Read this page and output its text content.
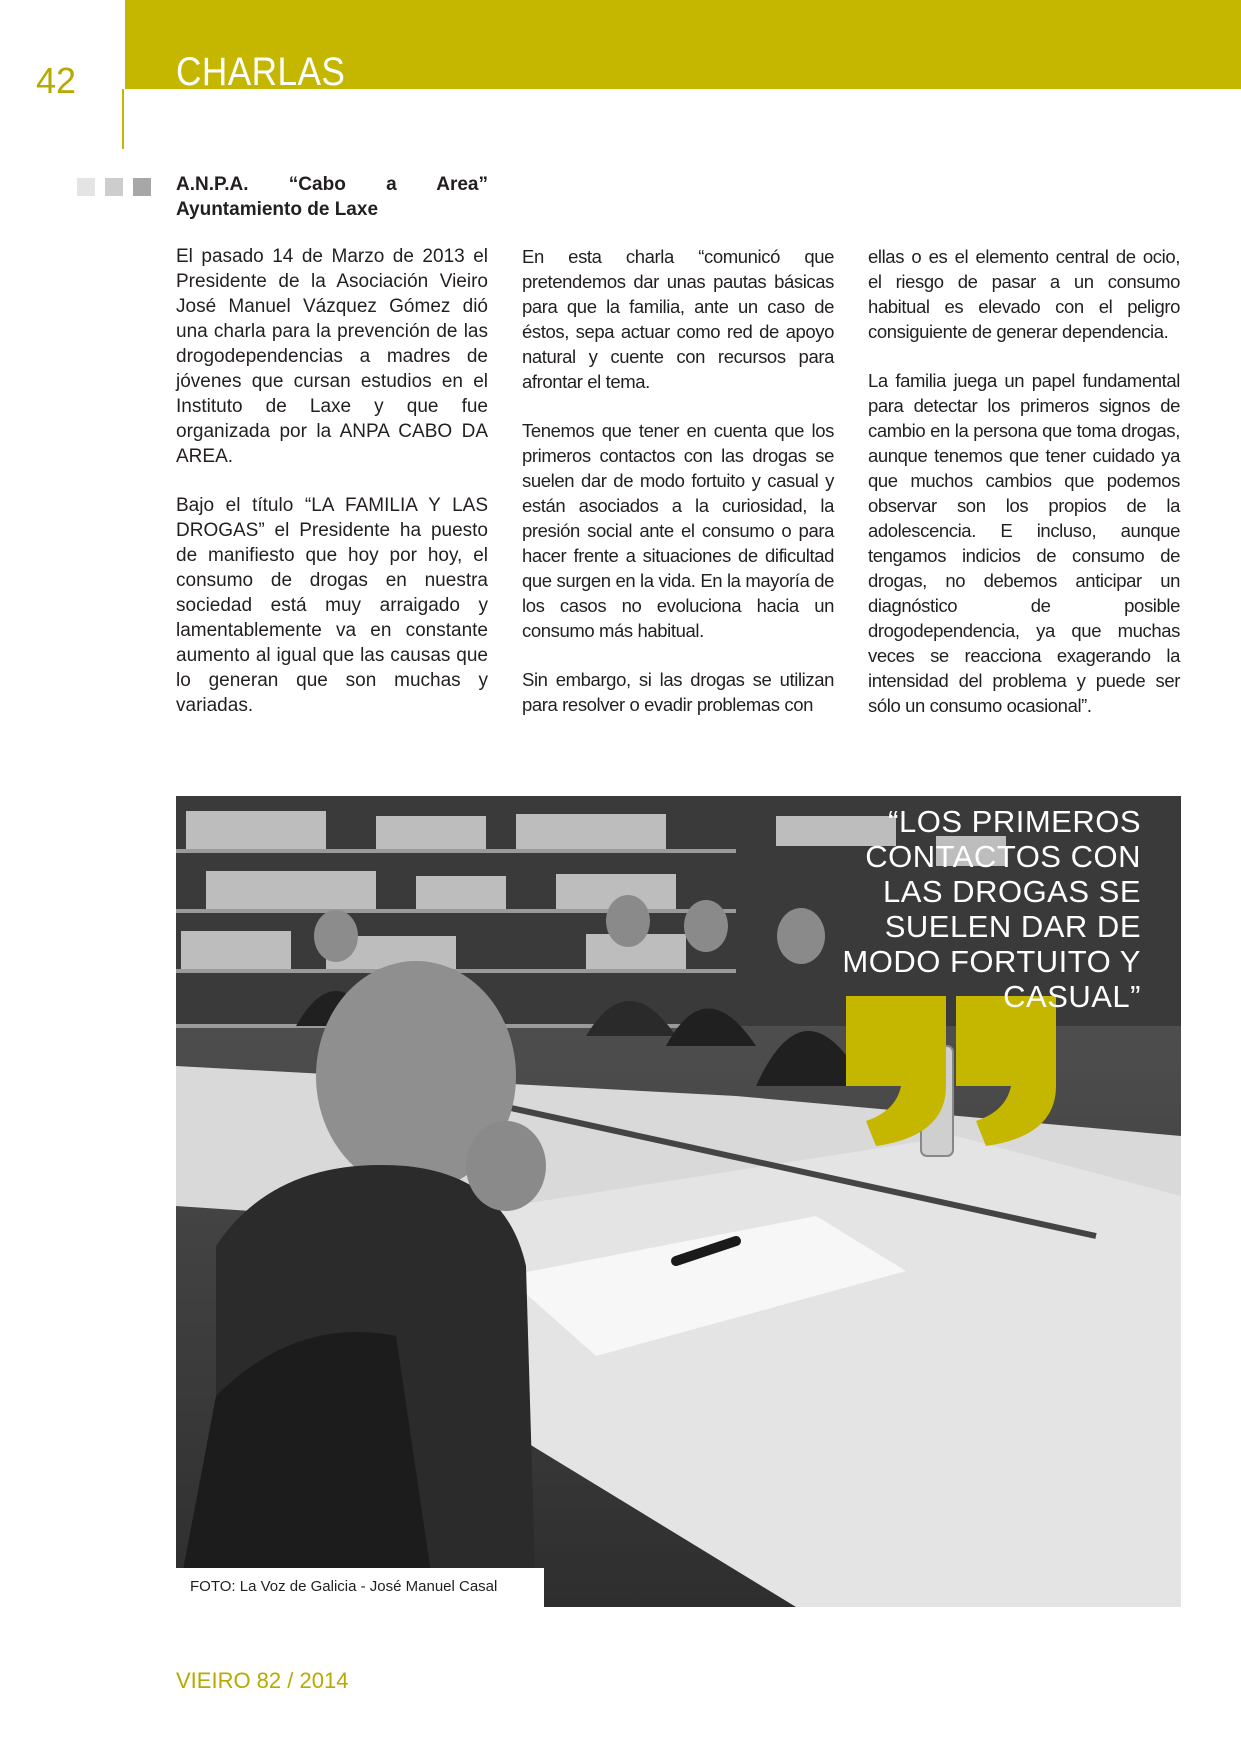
CHARLAS
42
A.N.P.A. “Cabo a Area” Ayuntamiento de Laxe

El pasado 14 de Marzo de 2013 el Presidente de la Asociación Vieiro José Manuel Vázquez Gómez dió una charla para la prevención de las drogodependencias a madres de jóvenes que cursan estudios en el Instituto de Laxe y que fue organizada por la ANPA CABO DA AREA.

Bajo el título “LA FAMILIA Y LAS DROGAS” el Presidente ha puesto de manifiesto que hoy por hoy, el consumo de drogas en nuestra sociedad está muy arraigado y lamentablemente va en constante aumento al igual que las causas que lo generan que son muchas y variadas.

En esta charla “comunicó que pretendemos dar unas pautas básicas para que la familia, ante un caso de éstos, sepa actuar como red de apoyo natural y cuente con recursos para afrontar el tema.

Tenemos que tener en cuenta que los primeros contactos con las drogas se suelen dar de modo fortuito y casual y están asociados a la curiosidad, la presión social ante el consumo o para hacer frente a situaciones de dificultad que surgen en la vida. En la mayoría de los casos no evoluciona hacia un consumo más habitual.

Sin embargo, si las drogas se utilizan para resolver o evadir problemas con

ellas o es el elemento central de ocio, el riesgo de pasar a un consumo habitual es elevado con el peligro consiguiente de generar dependencia.

La familia juega un papel fundamental para detectar los primeros signos de cambio en la persona que toma drogas, aunque tenemos que tener cuidado ya que muchos cambios que podemos observar son los propios de la adolescencia. E incluso, aunque tengamos indicios de consumo de drogas, no debemos anticipar un diagnóstico de posible drogodependencia, ya que muchas veces se reacciona exagerando la intensidad del problema y puede ser sólo un consumo ocasional”.

“LOS PRIMEROS CONTACTOS CON LAS DROGAS SE SUELEN DAR DE MODO FORTUITO Y CASUAL”
FOTO: La Voz de Galicia - José Manuel Casal
VIEIRO 82 / 2014
